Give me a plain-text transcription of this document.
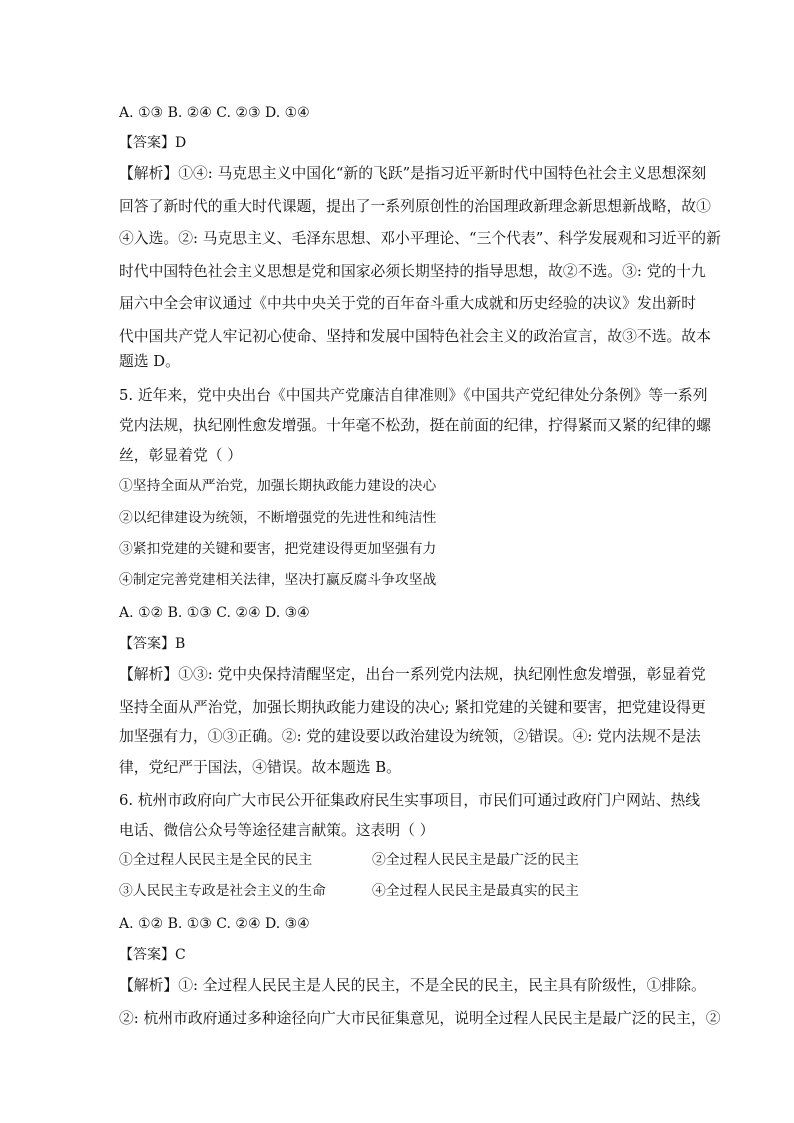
A. ①③ B. ②④ C. ②③ D. ①④
【答案】D
【解析】①④: 马克思主义中国化“新的飞跃”是指习近平新时代中国特色社会主义思想深刻
回答了新时代的重大时代课题，提出了一系列原创性的治国理政新理念新思想新战略，故①
④入选。②: 马克思主义、毛泽东思想、邓小平理论、“三个代表”、科学发展观和习近平的新
时代中国特色社会主义思想是党和国家必须长期坚持的指导思想，故②不选。③: 党的十九
届六中全会审议通过《中共中央关于党的百年奋斗重大成就和历史经验的决议》发出新时
代中国共产党人牢记初心使命、坚持和发展中国特色社会主义的政治宣言，故③不选。故本
题选 D。
5. 近年来，党中央出台《中国共产党廉洁自律准则》《中国共产党纪律处分条例》等一系列
党内法规，执纪刚性愈发增强。十年毫不松劲，挺在前面的纪律，拧得紧而又紧的纪律的螺
丝，彰显着党（ ）
①坚持全面从严治党，加强长期执政能力建设的决心
②以纪律建设为统领，不断增强党的先进性和纯洁性
③紧扣党建的关键和要害，把党建设得更加坚强有力
④制定完善党建相关法律，坚决打赢反腐斗争攻坚战
A. ①② B. ①③ C. ②④ D. ③④
【答案】B
【解析】①③: 党中央保持清醒坚定，出台一系列党内法规，执纪刚性愈发增强，彰显着党
坚持全面从严治党，加强长期执政能力建设的决心; 紧扣党建的关键和要害，把党建设得更
加坚强有力，①③正确。②: 党的建设要以政治建设为统领，②错误。④: 党内法规不是法
律，党纪严于国法，④错误。故本题选 B。
6. 杭州市政府向广大市民公开征集政府民生实事项目，市民们可通过政府门户网站、热线
电话、微信公众号等途径建言献策。这表明（ ）
①全过程人民民主是全民的民主	②全过程人民民主是最广泛的民主
③人民民主专政是社会主义的生命	④全过程人民民主是最真实的民主
A. ①② B. ①③ C. ②④ D. ③④
【答案】C
【解析】①: 全过程人民民主是人民的民主，不是全民的民主，民主具有阶级性，①排除。
②: 杭州市政府通过多种途径向广大市民征集意见，说明全过程人民民主是最广泛的民主，②
